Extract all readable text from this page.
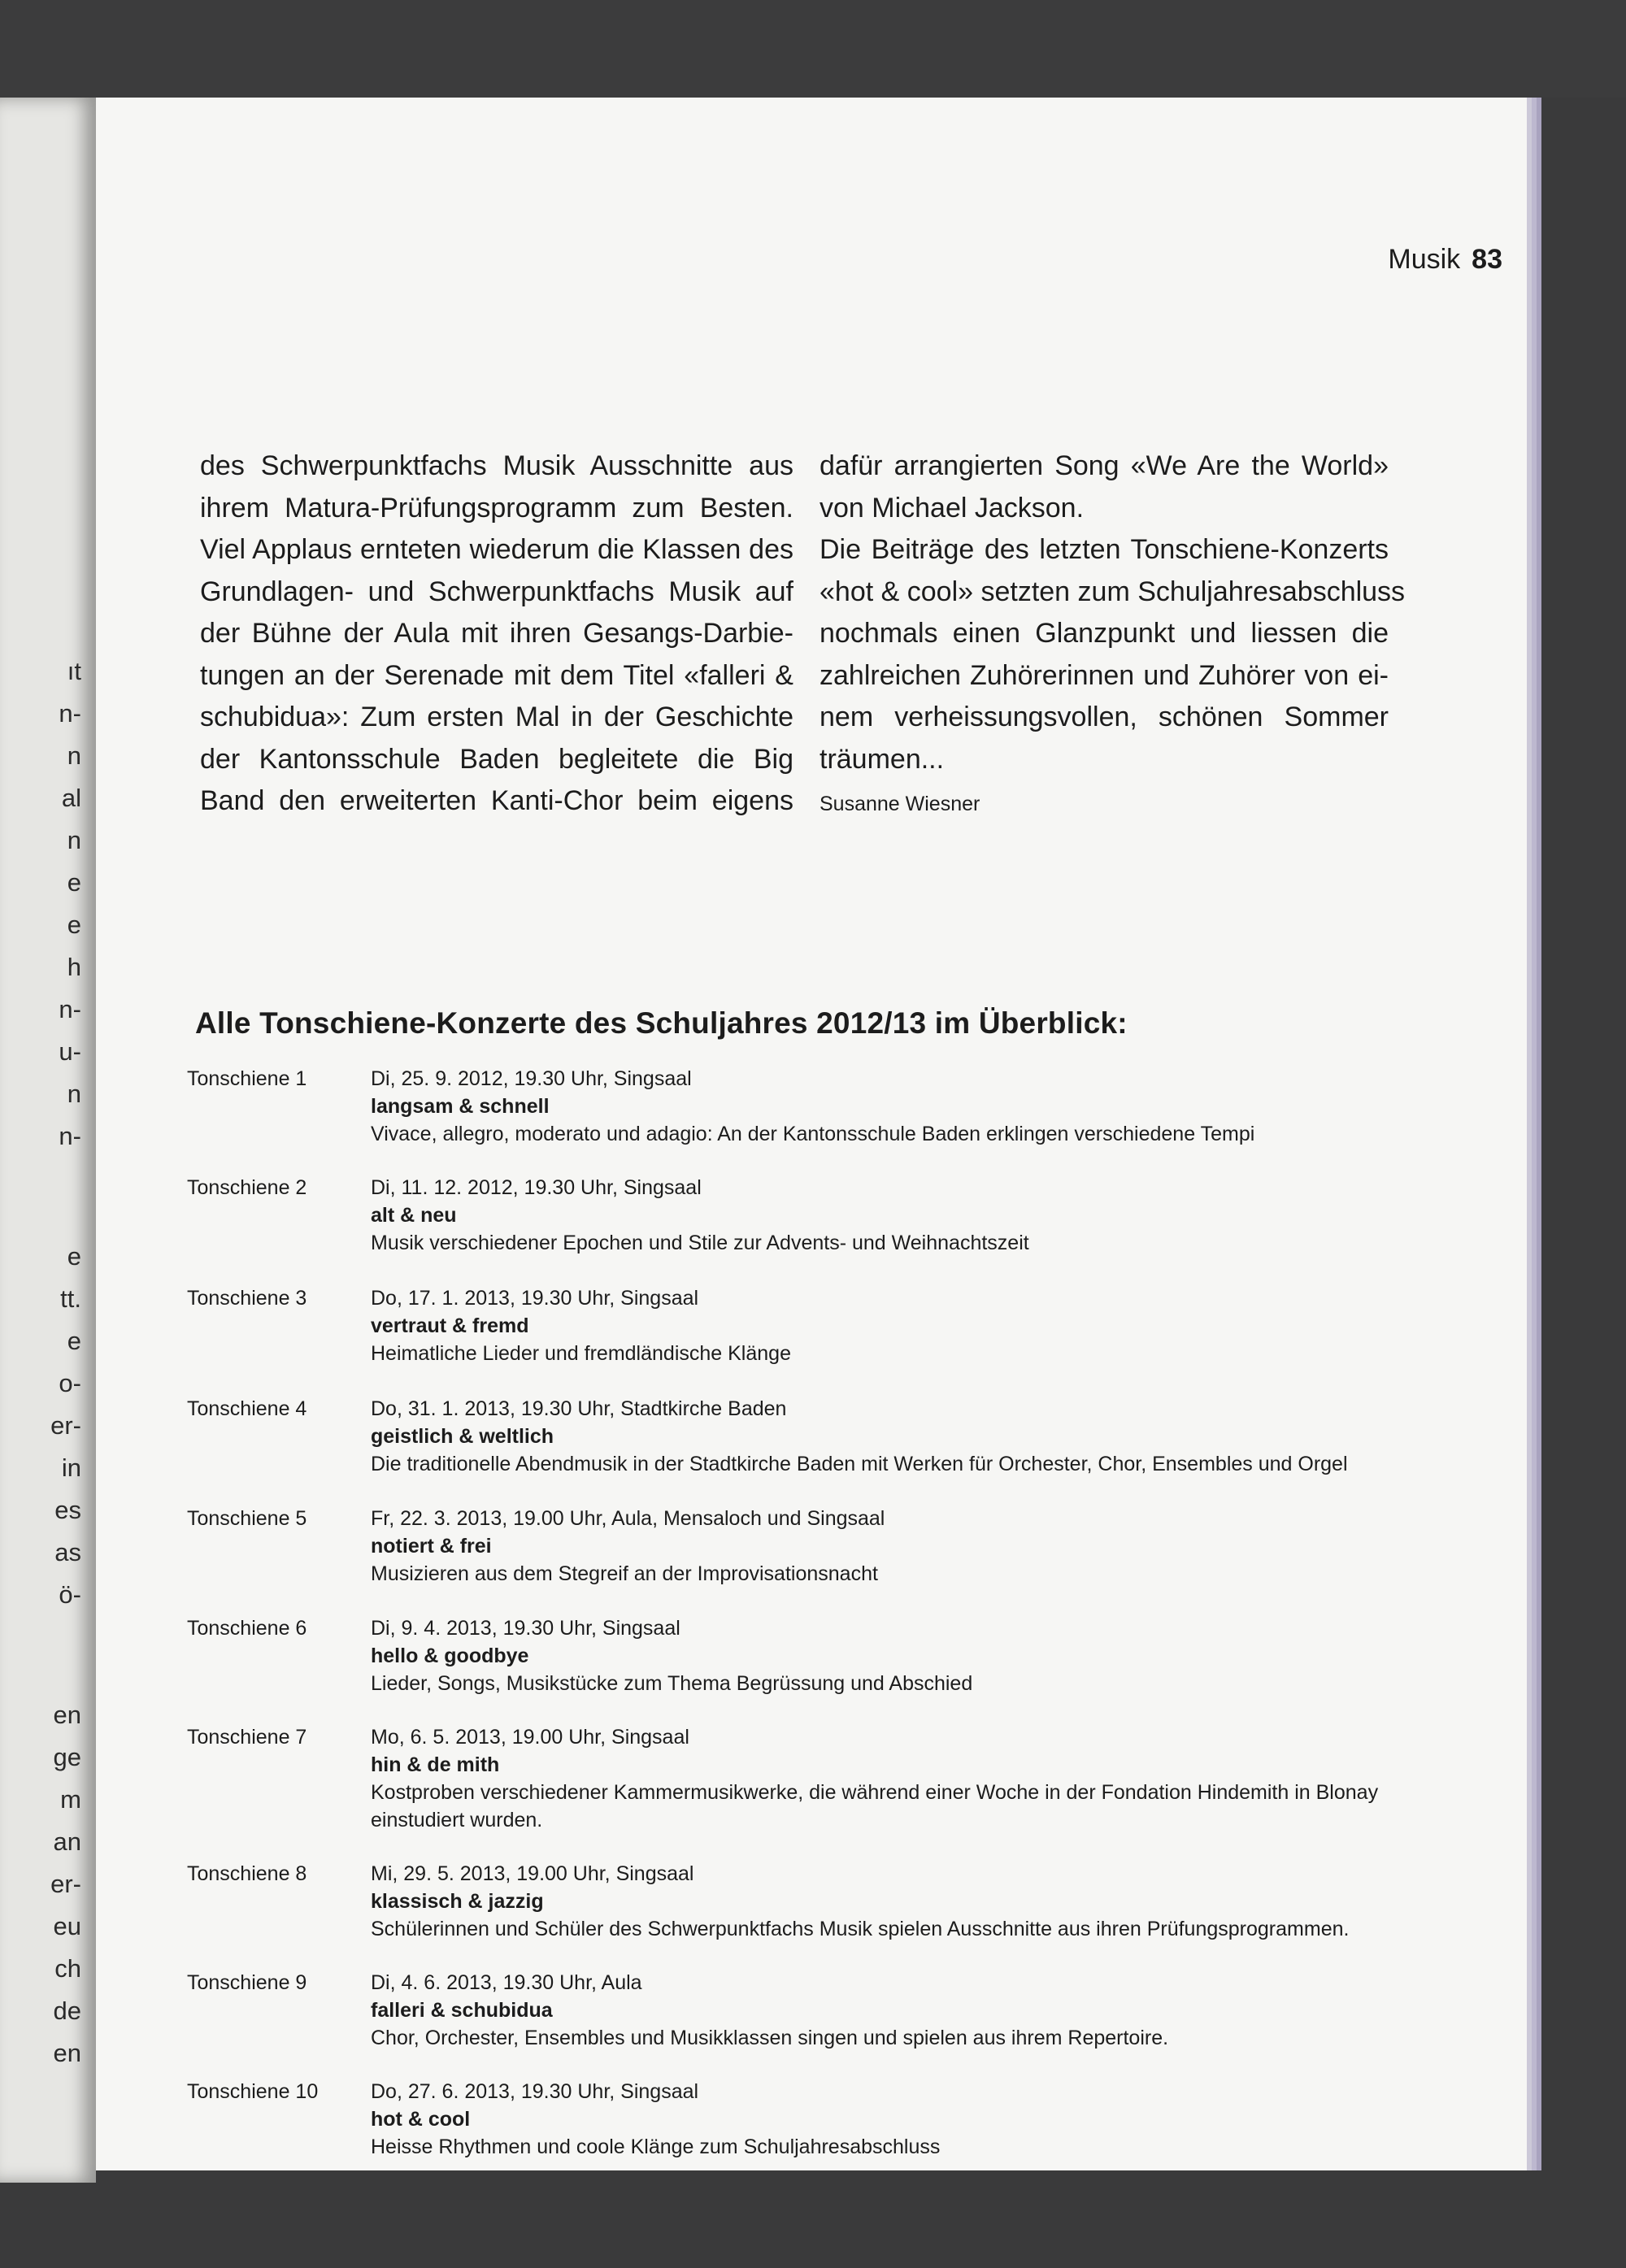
ıt
n-
n
al
n
e
e
h
n-
u-
n
n-
e
tt.
e
o-
er-
in
es
as
ö-
en
ge
m
an
er-
eu
ch
de
en
Musik 83
des Schwerpunktfachs Musik Ausschnitte aus
ihrem Matura-Prüfungsprogramm zum Besten.
Viel Applaus ernteten wiederum die Klassen des
Grundlagen- und Schwerpunktfachs Musik auf
der Bühne der Aula mit ihren Gesangs-Darbie-
tungen an der Serenade mit dem Titel «falleri &
schubidua»: Zum ersten Mal in der Geschichte
der Kantonsschule Baden begleitete die Big
Band den erweiterten Kanti-Chor beim eigens
dafür arrangierten Song «We Are the World»
von Michael Jackson.
Die Beiträge des letzten Tonschiene-Konzerts
«hot & cool» setzten zum Schuljahresabschluss
nochmals einen Glanzpunkt und liessen die
zahlreichen Zuhörerinnen und Zuhörer von ei-
nem verheissungsvollen, schönen Sommer
träumen...
Susanne Wiesner
Alle Tonschiene-Konzerte des Schuljahres 2012/13 im Überblick:
Tonschiene 1	Di, 25. 9. 2012, 19.30 Uhr, Singsaal
langsam & schnell
Vivace, allegro, moderato und adagio: An der Kantonsschule Baden erklingen verschiedene Tempi
Tonschiene 2	Di, 11. 12. 2012, 19.30 Uhr, Singsaal
alt & neu
Musik verschiedener Epochen und Stile zur Advents- und Weihnachtszeit
Tonschiene 3	Do, 17. 1. 2013, 19.30 Uhr, Singsaal
vertraut & fremd
Heimatliche Lieder und fremdländische Klänge
Tonschiene 4	Do, 31. 1. 2013, 19.30 Uhr, Stadtkirche Baden
geistlich & weltlich
Die traditionelle Abendmusik in der Stadtkirche Baden mit Werken für Orchester, Chor, Ensembles und Orgel
Tonschiene 5	Fr, 22. 3. 2013, 19.00 Uhr, Aula, Mensaloch und Singsaal
notiert & frei
Musizieren aus dem Stegreif an der Improvisationsnacht
Tonschiene 6	Di, 9. 4. 2013, 19.30 Uhr, Singsaal
hello & goodbye
Lieder, Songs, Musikstücke zum Thema Begrüssung und Abschied
Tonschiene 7	Mo, 6. 5. 2013, 19.00 Uhr, Singsaal
hin & de mith
Kostproben verschiedener Kammermusikwerke, die während einer Woche in der Fondation Hindemith in Blonay einstudiert wurden.
Tonschiene 8	Mi, 29. 5. 2013, 19.00 Uhr, Singsaal
klassisch & jazzig
Schülerinnen und Schüler des Schwerpunktfachs Musik spielen Ausschnitte aus ihren Prüfungsprogrammen.
Tonschiene 9	Di, 4. 6. 2013, 19.30 Uhr, Aula
falleri & schubidua
Chor, Orchester, Ensembles und Musikklassen singen und spielen aus ihrem Repertoire.
Tonschiene 10	Do, 27. 6. 2013, 19.30 Uhr, Singsaal
hot & cool
Heisse Rhythmen und coole Klänge zum Schuljahresabschluss
